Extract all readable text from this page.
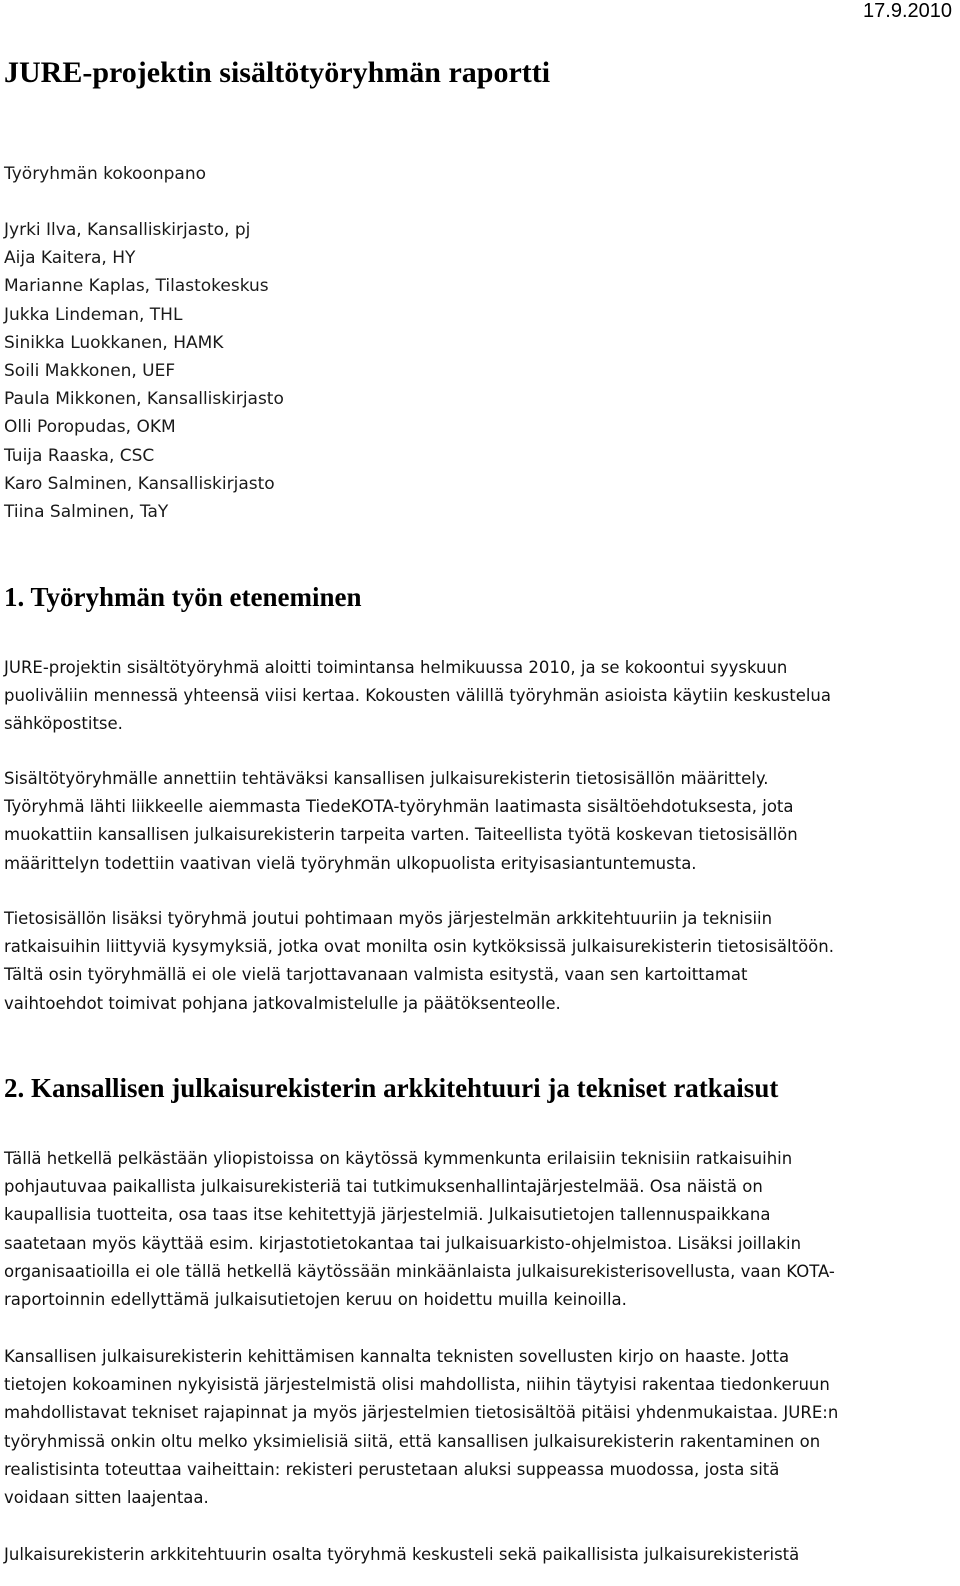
17.9.2010
JURE-projektin sisältötyöryhmän raportti
Työryhmän kokoonpano
Jyrki Ilva, Kansalliskirjasto, pj
Aija Kaitera, HY
Marianne Kaplas, Tilastokeskus
Jukka Lindeman, THL
Sinikka Luokkanen, HAMK
Soili Makkonen, UEF
Paula Mikkonen, Kansalliskirjasto
Olli Poropudas, OKM
Tuija Raaska, CSC
Karo Salminen, Kansalliskirjasto
Tiina Salminen, TaY
1. Työryhmän työn eteneminen

JURE-projektin sisältötyöryhmä aloitti toimintansa helmikuussa 2010, ja se kokoontui syyskuun
puoliväliin mennessä yhteensä viisi kertaa. Kokousten välillä työryhmän asioista käytiin keskustelua
sähköpostitse.

Sisältötyöryhmälle annettiin tehtäväksi kansallisen julkaisurekisterin tietosisällön määrittely.
Työryhmä lähti liikkeelle aiemmasta TiedeKOTA-työryhmän laatimasta sisältöehdotuksesta, jota
muokattiin kansallisen julkaisurekisterin tarpeita varten. Taiteellista työtä koskevan tietosisällön
määrittelyn todettiin vaativan vielä työryhmän ulkopuolista erityisasiantuntemusta.

Tietosisällön lisäksi työryhmä joutui pohtimaan myös järjestelmän arkkitehtuuriin ja teknisiin
ratkaisuihin liittyviä kysymyksiä, jotka ovat monilta osin kytköksissä julkaisurekisterin tietosisältöön.
Tältä osin työryhmällä ei ole vielä tarjottavanaan valmista esitystä, vaan sen kartoittamat
vaihtoehdot toimivat pohjana jatkovalmistelulle ja päätöksenteolle.

2. Kansallisen julkaisurekisterin arkkitehtuuri ja tekniset ratkaisut

Tällä hetkellä pelkästään yliopistoissa on käytössä kymmenkunta erilaisiin teknisiin ratkaisuihin
pohjautuvaa paikallista julkaisurekisteriä tai tutkimuksenhallintajärjestelmää. Osa näistä on
kaupallisia tuotteita, osa taas itse kehitettyjä järjestelmiä. Julkaisutietojen tallennuspaikkana
saatetaan myös käyttää esim. kirjastotietokantaa tai julkaisuarkisto-ohjelmistoa. Lisäksi joillakin
organisaatioilla ei ole tällä hetkellä käytössään minkäänlaista julkaisurekisterisovellusta, vaan KOTA-
raportoinnin edellyttämä julkaisutietojen keruu on hoidettu muilla keinoilla.

Kansallisen julkaisurekisterin kehittämisen kannalta teknisten sovellusten kirjo on haaste. Jotta
tietojen kokoaminen nykyisistä järjestelmistä olisi mahdollista, niihin täytyisi rakentaa tiedonkeruun
mahdollistavat tekniset rajapinnat ja myös järjestelmien tietosisältöä pitäisi yhdenmukaistaa. JURE:n
työryhmissä onkin oltu melko yksimielisiä siitä, että kansallisen julkaisurekisterin rakentaminen on
realistisinta toteuttaa vaiheittain: rekisteri perustetaan aluksi suppeassa muodossa, josta sitä
voidaan sitten laajentaa.

Julkaisurekisterin arkkitehtuurin osalta työryhmä keskusteli sekä paikallisista julkaisurekisteristä
